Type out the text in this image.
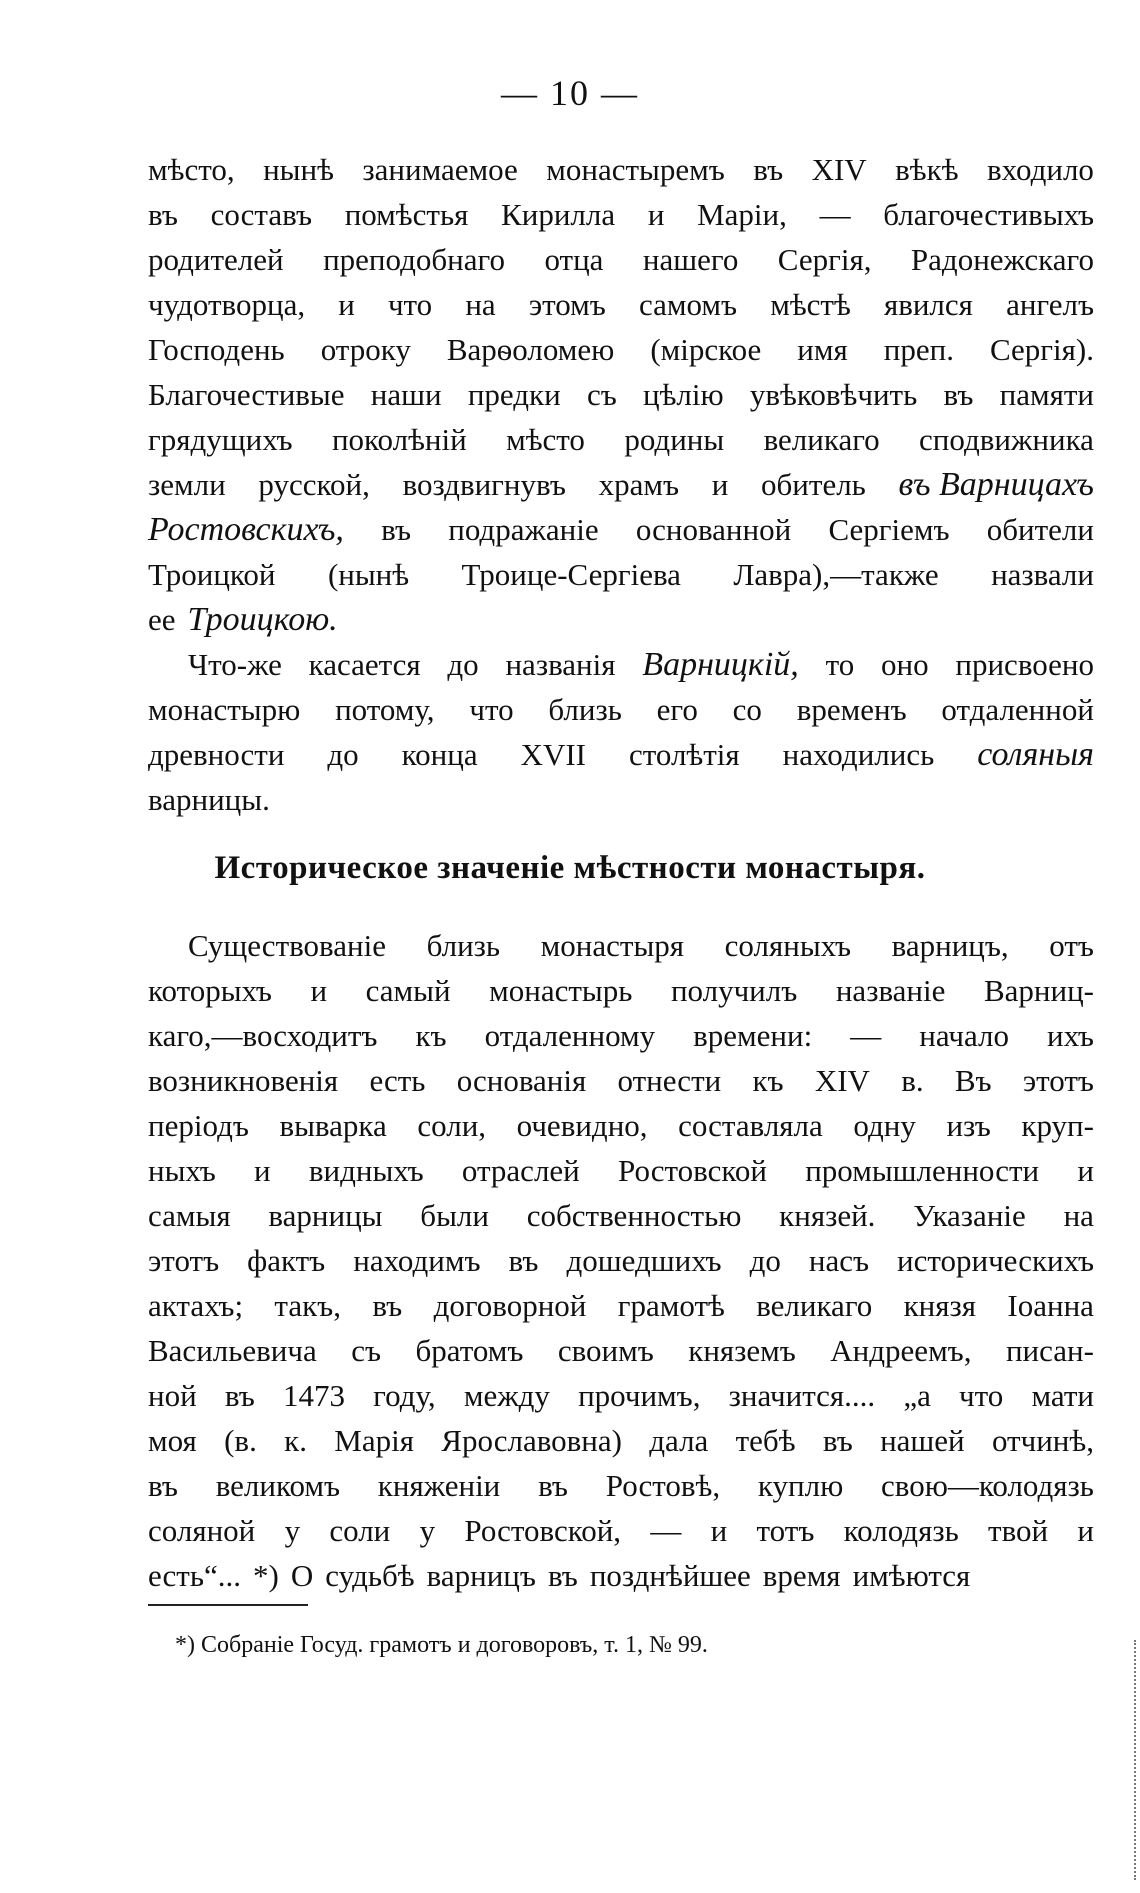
— 10 —
мѣсто, нынѣ занимаемое монастыремъ въ XIV вѣкѣ входило
въ составъ помѣстья Кирилла и Маріи, — благочестивыхъ
родителей преподобнаго отца нашего Сергія, Радонежскаго
чудотворца, и что на этомъ самомъ мѣстѣ явился ангелъ
Господень отроку Варѳоломею (мірское имя преп. Сергія).
Благочестивые наши предки съ цѣлію увѣковѣчить въ памяти
грядущихъ поколѣній мѣсто родины великаго сподвижника
земли русской, воздвигнувъ храмъ и обитель въ Варницахъ
Ростовскихъ, въ подражаніе основанной Сергіемъ обители
Троицкой (нынѣ Троице-Сергіева Лавра),—также назвали
ее Троицкою.
Что-же касается до названія Варницкій, то оно присвоено
монастырю потому, что близь его со временъ отдаленной
древности до конца XVII столѣтія находились соляныя
варницы.
Историческое значеніе мѣстности монастыря.
Существованіе близь монастыря соляныхъ варницъ, отъ
которыхъ и самый монастырь получилъ названіе Варниц-
каго,—восходитъ къ отдаленному времени: — начало ихъ
возникновенія есть основанія отнести къ XIV в. Въ этотъ
періодъ выварка соли, очевидно, составляла одну изъ круп-
ныхъ и видныхъ отраслей Ростовской промышленности и
самыя варницы были собственностью князей. Указаніе на
этотъ фактъ находимъ въ дошедшихъ до насъ историческихъ
актахъ; такъ, въ договорной грамотѣ великаго князя Іоанна
Васильевича съ братомъ своимъ княземъ Андреемъ, писан-
ной въ 1473 году, между прочимъ, значится.... „а что мати
моя (в. к. Марія Ярославовна) дала тебѣ въ нашей отчинѣ,
въ великомъ княженіи въ Ростовѣ, куплю свою—колодязь
соляной у соли у Ростовской, — и тотъ колодязь твой и
есть“... *) О судьбѣ варницъ въ позднѣйшее время имѣются
*) Собраніе Госуд. грамотъ и договоровъ, т. 1, № 99.
